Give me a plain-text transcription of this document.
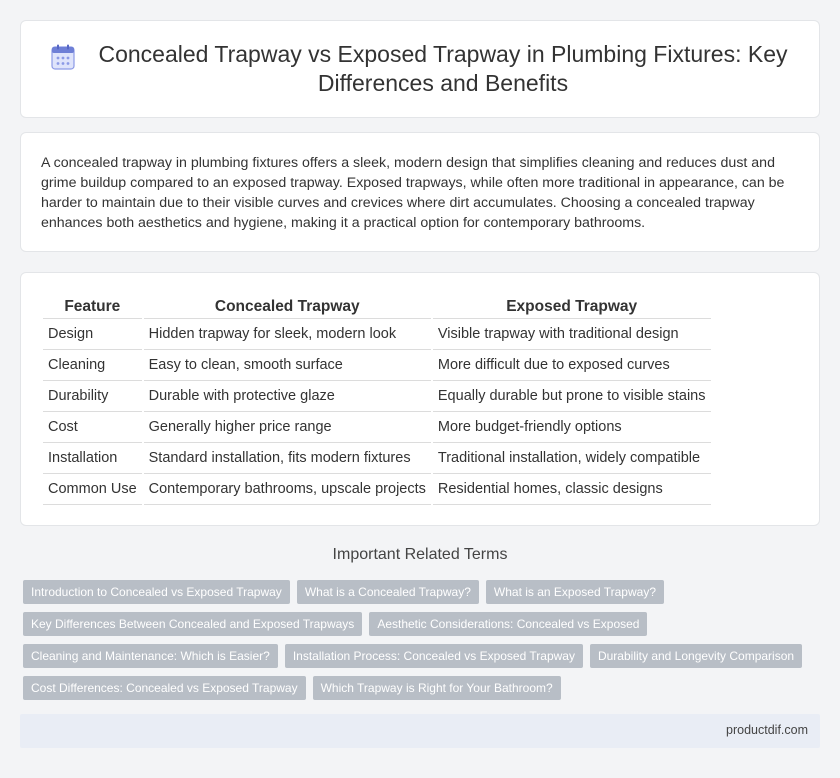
Concealed Trapway vs Exposed Trapway in Plumbing Fixtures: Key Differences and Benefits

A concealed trapway in plumbing fixtures offers a sleek, modern design that simplifies cleaning and reduces dust and grime buildup compared to an exposed trapway. Exposed trapways, while often more traditional in appearance, can be harder to maintain due to their visible curves and crevices where dirt accumulates. Choosing a concealed trapway enhances both aesthetics and hygiene, making it a practical option for contemporary bathrooms.

Feature	Concealed Trapway	Exposed Trapway
Design	Hidden trapway for sleek, modern look	Visible trapway with traditional design
Cleaning	Easy to clean, smooth surface	More difficult due to exposed curves
Durability	Durable with protective glaze	Equally durable but prone to visible stains
Cost	Generally higher price range	More budget-friendly options
Installation	Standard installation, fits modern fixtures	Traditional installation, widely compatible
Common Use	Contemporary bathrooms, upscale projects	Residential homes, classic designs
Important Related Terms
Introduction to Concealed vs Exposed Trapway	What is a Concealed Trapway?	What is an Exposed Trapway?
Key Differences Between Concealed and Exposed Trapways	Aesthetic Considerations: Concealed vs Exposed
Cleaning and Maintenance: Which is Easier?	Installation Process: Concealed vs Exposed Trapway	Durability and Longevity Comparison
Cost Differences: Concealed vs Exposed Trapway	Which Trapway is Right for Your Bathroom?
productdif.com
